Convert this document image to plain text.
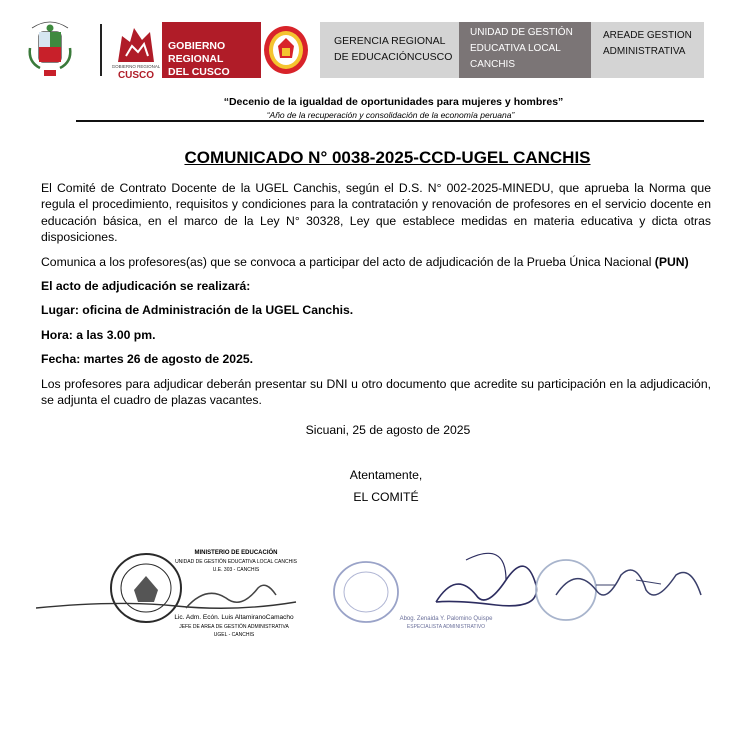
GOBIERNO REGIONAL
CUSCO
GOBIERNO
REGIONAL
DEL CUSCO
GERENCIA REGIONAL
DE EDUCACIÓNCUSCO
UNIDAD DE GESTIÓN
EDUCATIVA LOCAL
CANCHIS
AREADE GESTION
ADMINISTRATIVA
“Decenio de la igualdad de oportunidades para mujeres y hombres”
“Año de la recuperación y consolidación de la economía peruana”
COMUNICADO N° 0038-2025-CCD-UGEL CANCHIS

El Comité de Contrato Docente de la UGEL Canchis, según el D.S. N° 002-2025-MINEDU, que aprueba la Norma que regula el procedimiento, requisitos y condiciones para la contratación y renovación de profesores en el servicio docente en educación básica, en el marco de la Ley N° 30328, Ley que establece medidas en materia educativa y dicta otras disposiciones.

Comunica a los profesores(as) que se convoca a participar del acto de adjudicación de la Prueba Única Nacional (PUN)

El acto de adjudicación se realizará:

Lugar: oficina de Administración de la UGEL Canchis.

Hora: a las 3.00 pm.

Fecha: martes 26 de agosto de 2025.

Los profesores para adjudicar deberán presentar su DNI u otro documento que acredite su participación en la adjudicación, se adjunta el cuadro de plazas vacantes.

Sicuani, 25 de agosto de 2025

Atentamente,

EL COMITÉ

MINISTERIO DE EDUCACIÓN
UNIDAD DE GESTIÓN EDUCATIVA LOCAL CANCHIS
U.E. 303 - CANCHIS
Lic. Adm. Ecón. Luis AltamiranoCamacho
JEFE DE AREA DE GESTIÓN ADMINISTRATIVA
UGEL - CANCHIS
Abog. Zenaida Y. Palomino Quispe
ESPECIALISTA ADMINISTRATIVO
